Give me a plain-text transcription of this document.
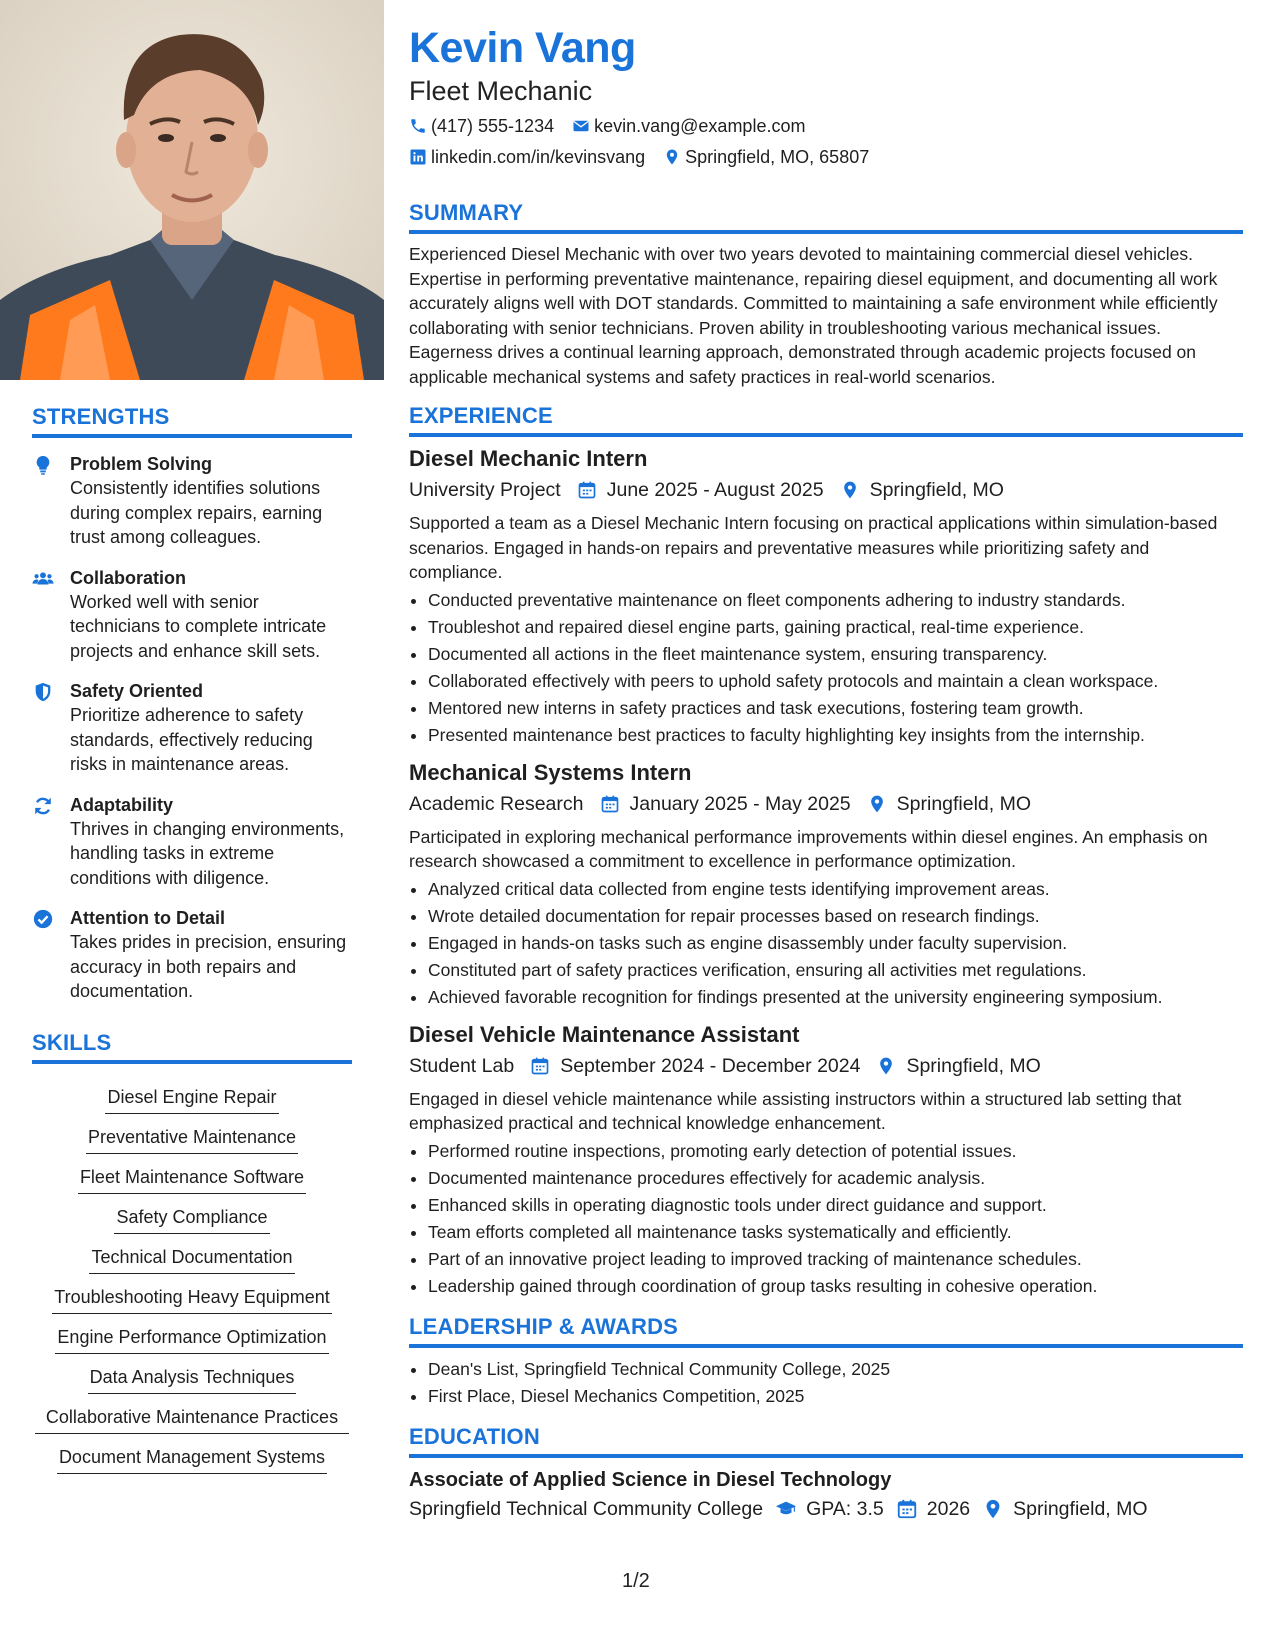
STRENGTHS
Problem Solving
Consistently identifies solutions during complex repairs, earning trust among colleagues.
Collaboration
Worked well with senior technicians to complete intricate projects and enhance skill sets.
Safety Oriented
Prioritize adherence to safety standards, effectively reducing risks in maintenance areas.
Adaptability
Thrives in changing environments, handling tasks in extreme conditions with diligence.
Attention to Detail
Takes prides in precision, ensuring accuracy in both repairs and documentation.
SKILLS
Diesel Engine Repair
Preventative Maintenance
Fleet Maintenance Software
Safety Compliance
Technical Documentation
Troubleshooting Heavy Equipment
Engine Performance Optimization
Data Analysis Techniques
Collaborative Maintenance Practices
Document Management Systems
Kevin Vang
Fleet Mechanic
(417) 555-1234 kevin.vang@example.com
linkedin.com/in/kevinsvang Springfield, MO, 65807
SUMMARY
Experienced Diesel Mechanic with over two years devoted to maintaining commercial diesel vehicles. Expertise in performing preventative maintenance, repairing diesel equipment, and documenting all work accurately aligns well with DOT standards. Committed to maintaining a safe environment while efficiently collaborating with senior technicians. Proven ability in troubleshooting various mechanical issues. Eagerness drives a continual learning approach, demonstrated through academic projects focused on applicable mechanical systems and safety practices in real-world scenarios.
EXPERIENCE
Diesel Mechanic Intern
University Project June 2025 - August 2025 Springfield, MO
Supported a team as a Diesel Mechanic Intern focusing on practical applications within simulation-based scenarios. Engaged in hands-on repairs and preventative measures while prioritizing safety and compliance.
• Conducted preventative maintenance on fleet components adhering to industry standards.
• Troubleshot and repaired diesel engine parts, gaining practical, real-time experience.
• Documented all actions in the fleet maintenance system, ensuring transparency.
• Collaborated effectively with peers to uphold safety protocols and maintain a clean workspace.
• Mentored new interns in safety practices and task executions, fostering team growth.
• Presented maintenance best practices to faculty highlighting key insights from the internship.
Mechanical Systems Intern
Academic Research January 2025 - May 2025 Springfield, MO
Participated in exploring mechanical performance improvements within diesel engines. An emphasis on research showcased a commitment to excellence in performance optimization.
• Analyzed critical data collected from engine tests identifying improvement areas.
• Wrote detailed documentation for repair processes based on research findings.
• Engaged in hands-on tasks such as engine disassembly under faculty supervision.
• Constituted part of safety practices verification, ensuring all activities met regulations.
• Achieved favorable recognition for findings presented at the university engineering symposium.
Diesel Vehicle Maintenance Assistant
Student Lab September 2024 - December 2024 Springfield, MO
Engaged in diesel vehicle maintenance while assisting instructors within a structured lab setting that emphasized practical and technical knowledge enhancement.
• Performed routine inspections, promoting early detection of potential issues.
• Documented maintenance procedures effectively for academic analysis.
• Enhanced skills in operating diagnostic tools under direct guidance and support.
• Team efforts completed all maintenance tasks systematically and efficiently.
• Part of an innovative project leading to improved tracking of maintenance schedules.
• Leadership gained through coordination of group tasks resulting in cohesive operation.
LEADERSHIP & AWARDS
• Dean's List, Springfield Technical Community College, 2025
• First Place, Diesel Mechanics Competition, 2025
EDUCATION
Associate of Applied Science in Diesel Technology
Springfield Technical Community College GPA: 3.5 2026 Springfield, MO
1/2
